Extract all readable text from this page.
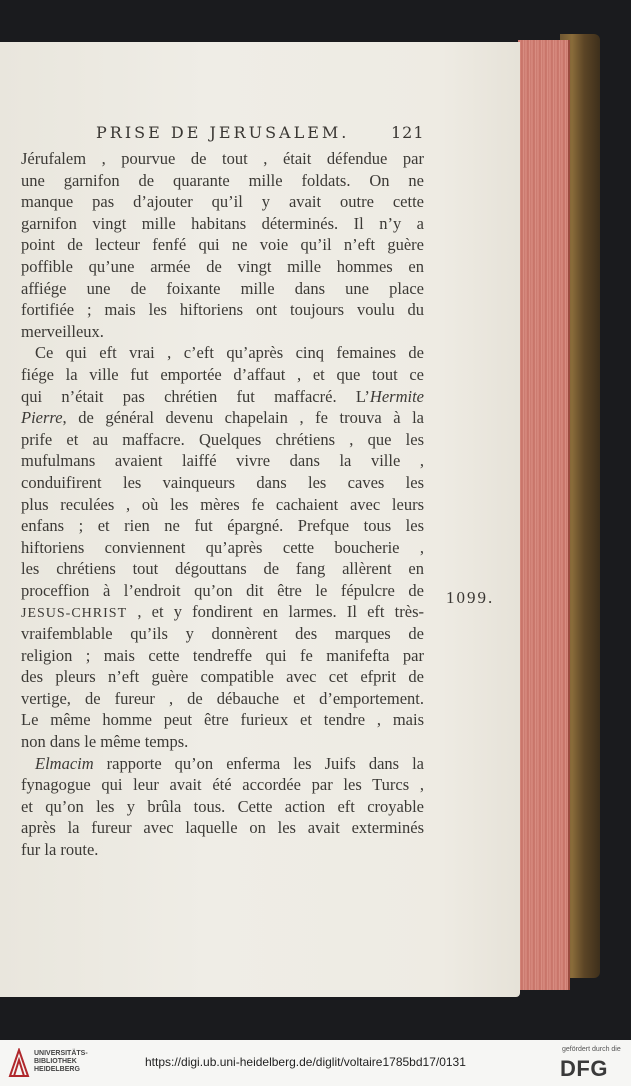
PRISE DE JERUSALEM.	121
Jérufalem , pourvue de tout , était défendue par
une garnifon de quarante mille foldats. On ne
manque pas d’ajouter qu’il y avait outre cette
garnifon vingt mille habitans déterminés. Il n’y a
point de lecteur fenfé qui ne voie qu’il n’eft guère
poffible qu’une armée de vingt mille hommes en
affiége une de foixante mille dans une place
fortifiée ; mais les hiftoriens ont toujours voulu du
merveilleux.
Ce qui eft vrai , c’eft qu’après cinq femaines de
fiége la ville fut emportée d’affaut , et que tout ce
qui n’était pas chrétien fut maffacré. L’Hermite
Pierre, de général devenu chapelain , fe trouva à la
prife et au maffacre. Quelques chrétiens , que les
mufulmans avaient laiffé vivre dans la ville ,
conduifirent les vainqueurs dans les caves les
plus reculées , où les mères fe cachaient avec leurs
enfans ; et rien ne fut épargné. Prefque tous les
hiftoriens conviennent qu’après cette boucherie ,
les chrétiens tout dégouttans de fang allèrent en
proceffion à l’endroit qu’on dit être le fépulcre de
JESUS-CHRIST , et y fondirent en larmes. Il eft très-
vraifemblable qu’ils y donnèrent des marques de
religion ; mais cette tendreffe qui fe manifefta par
des pleurs n’eft guère compatible avec cet efprit de
vertige, de fureur , de débauche et d’emportement.
Le même homme peut être furieux et tendre , mais
non dans le même temps.
Elmacim rapporte qu’on enferma les Juifs dans la
fynagogue qui leur avait été accordée par les Turcs ,
et qu’on les y brûla tous. Cette action eft croyable
après la fureur avec laquelle on les avait exterminés
fur la route.
1099.
UNIVERSITÄTS-
BIBLIOTHEK
HEIDELBERG
https://digi.ub.uni-heidelberg.de/diglit/voltaire1785bd17/0131
gefördert durch die
DFG
